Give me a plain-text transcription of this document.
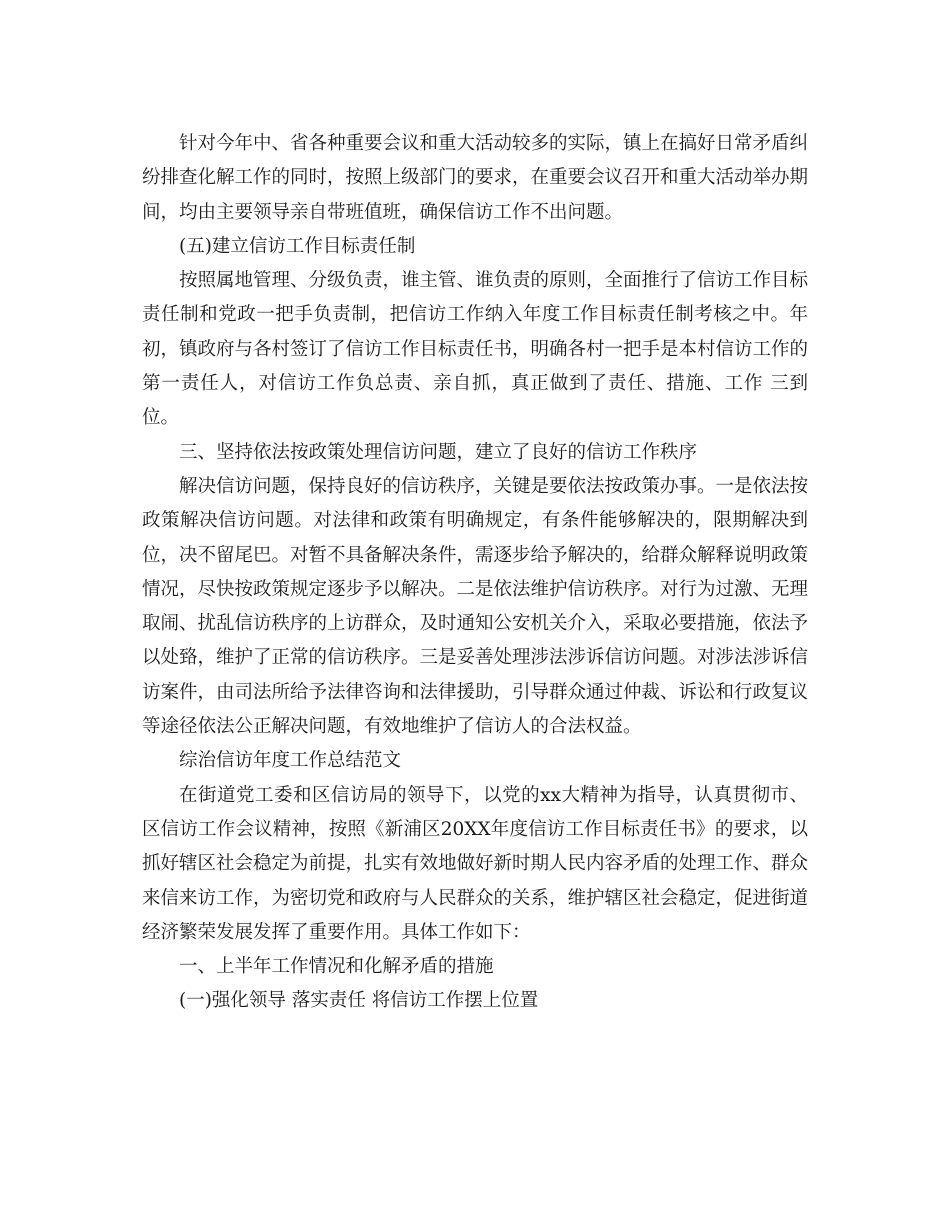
针对今年中、省各种重要会议和重大活动较多的实际，镇上在搞好日常矛盾纠纷排查化解工作的同时，按照上级部门的要求，在重要会议召开和重大活动举办期间，均由主要领导亲自带班值班，确保信访工作不出问题。

(五)建立信访工作目标责任制

按照属地管理、分级负责，谁主管、谁负责的原则，全面推行了信访工作目标责任制和党政一把手负责制，把信访工作纳入年度工作目标责任制考核之中。年初，镇政府与各村签订了信访工作目标责任书，明确各村一把手是本村信访工作的第一责任人，对信访工作负总责、亲自抓，真正做到了责任、措施、工作 三到位。

三、坚持依法按政策处理信访问题，建立了良好的信访工作秩序

解决信访问题，保持良好的信访秩序，关键是要依法按政策办事。一是依法按政策解决信访问题。对法律和政策有明确规定，有条件能够解决的，限期解决到位，决不留尾巴。对暂不具备解决条件，需逐步给予解决的，给群众解释说明政策情况，尽快按政策规定逐步予以解决。二是依法维护信访秩序。对行为过激、无理取闹、扰乱信访秩序的上访群众，及时通知公安机关介入，采取必要措施，依法予以处臵，维护了正常的信访秩序。三是妥善处理涉法涉诉信访问题。对涉法涉诉信访案件，由司法所给予法律咨询和法律援助，引导群众通过仲裁、诉讼和行政复议等途径依法公正解决问题，有效地维护了信访人的合法权益。

综治信访年度工作总结范文

在街道党工委和区信访局的领导下，以党的xx大精神为指导，认真贯彻市、区信访工作会议精神，按照《新浦区20XX年度信访工作目标责任书》的要求，以抓好辖区社会稳定为前提，扎实有效地做好新时期人民内容矛盾的处理工作、群众来信来访工作，为密切党和政府与人民群众的关系，维护辖区社会稳定，促进街道经济繁荣发展发挥了重要作用。具体工作如下：

一、上半年工作情况和化解矛盾的措施

(一)强化领导 落实责任 将信访工作摆上位置
